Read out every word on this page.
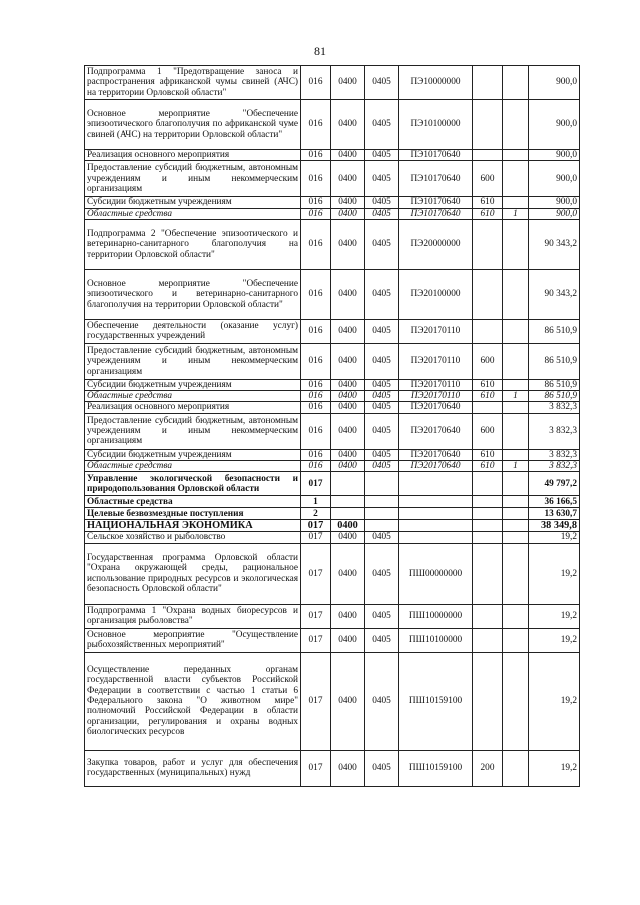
81
Подпрограмма 1 "Предотвращение заноса и распространения африканской чумы свиней (АЧС) на территории Орловской области"	016	0400	0405	ПЭ10000000			900,0
Основное мероприятие "Обеспечение эпизоотического благополучия по африканской чуме свиней (АЧС) на территории Орловской области"	016	0400	0405	ПЭ10100000			900,0
Реализация основного мероприятия	016	0400	0405	ПЭ10170640			900,0
Предоставление субсидий бюджетным, автономным учреждениям и иным некоммерческим организациям	016	0400	0405	ПЭ10170640	600		900,0
Субсидии бюджетным учреждениям	016	0400	0405	ПЭ10170640	610		900,0
Областные средства	016	0400	0405	ПЭ10170640	610	1	900,0
Подпрограмма 2 "Обеспечение эпизоотического и ветеринарно-санитарного благополучия на территории Орловской области"	016	0400	0405	ПЭ20000000			90 343,2
Основное мероприятие "Обеспечение эпизоотического и ветеринарно-санитарного благополучия на территории Орловской области"	016	0400	0405	ПЭ20100000			90 343,2
Обеспечение деятельности (оказание услуг) государственных учреждений	016	0400	0405	ПЭ20170110			86 510,9
Предоставление субсидий бюджетным, автономным учреждениям и иным некоммерческим организациям	016	0400	0405	ПЭ20170110	600		86 510,9
Субсидии бюджетным учреждениям	016	0400	0405	ПЭ20170110	610		86 510,9
Областные средства	016	0400	0405	ПЭ20170110	610	1	86 510,9
Реализация основного мероприятия	016	0400	0405	ПЭ20170640			3 832,3
Предоставление субсидий бюджетным, автономным учреждениям и иным некоммерческим организациям	016	0400	0405	ПЭ20170640	600		3 832,3
Субсидии бюджетным учреждениям	016	0400	0405	ПЭ20170640	610		3 832,3
Областные средства	016	0400	0405	ПЭ20170640	610	1	3 832,3
Управление экологической безопасности и природопользования Орловской области	017						49 797,2
Областные средства	1						36 166,5
Целевые безвозмездные поступления	2						13 630,7
НАЦИОНАЛЬНАЯ ЭКОНОМИКА	017	0400					38 349,8
Сельское хозяйство и рыболовство	017	0400	0405				19,2
Государственная программа Орловской области "Охрана окружающей среды, рациональное использование природных ресурсов и экологическая безопасность Орловской области"	017	0400	0405	ПШ00000000			19,2
Подпрограмма 1 "Охрана водных биоресурсов и организация рыболовства"	017	0400	0405	ПШ10000000			19,2
Основное мероприятие "Осуществление рыбохозяйственных мероприятий"	017	0400	0405	ПШ10100000			19,2
Осуществление переданных органам государственной власти субъектов Российской Федерации в соответствии с частью 1 статьи 6 Федерального закона "О животном мире" полномочий Российской Федерации в области организации, регулирования и охраны водных биологических ресурсов	017	0400	0405	ПШ10159100			19,2
Закупка товаров, работ и услуг для обеспечения государственных (муниципальных) нужд	017	0400	0405	ПШ10159100	200		19,2
